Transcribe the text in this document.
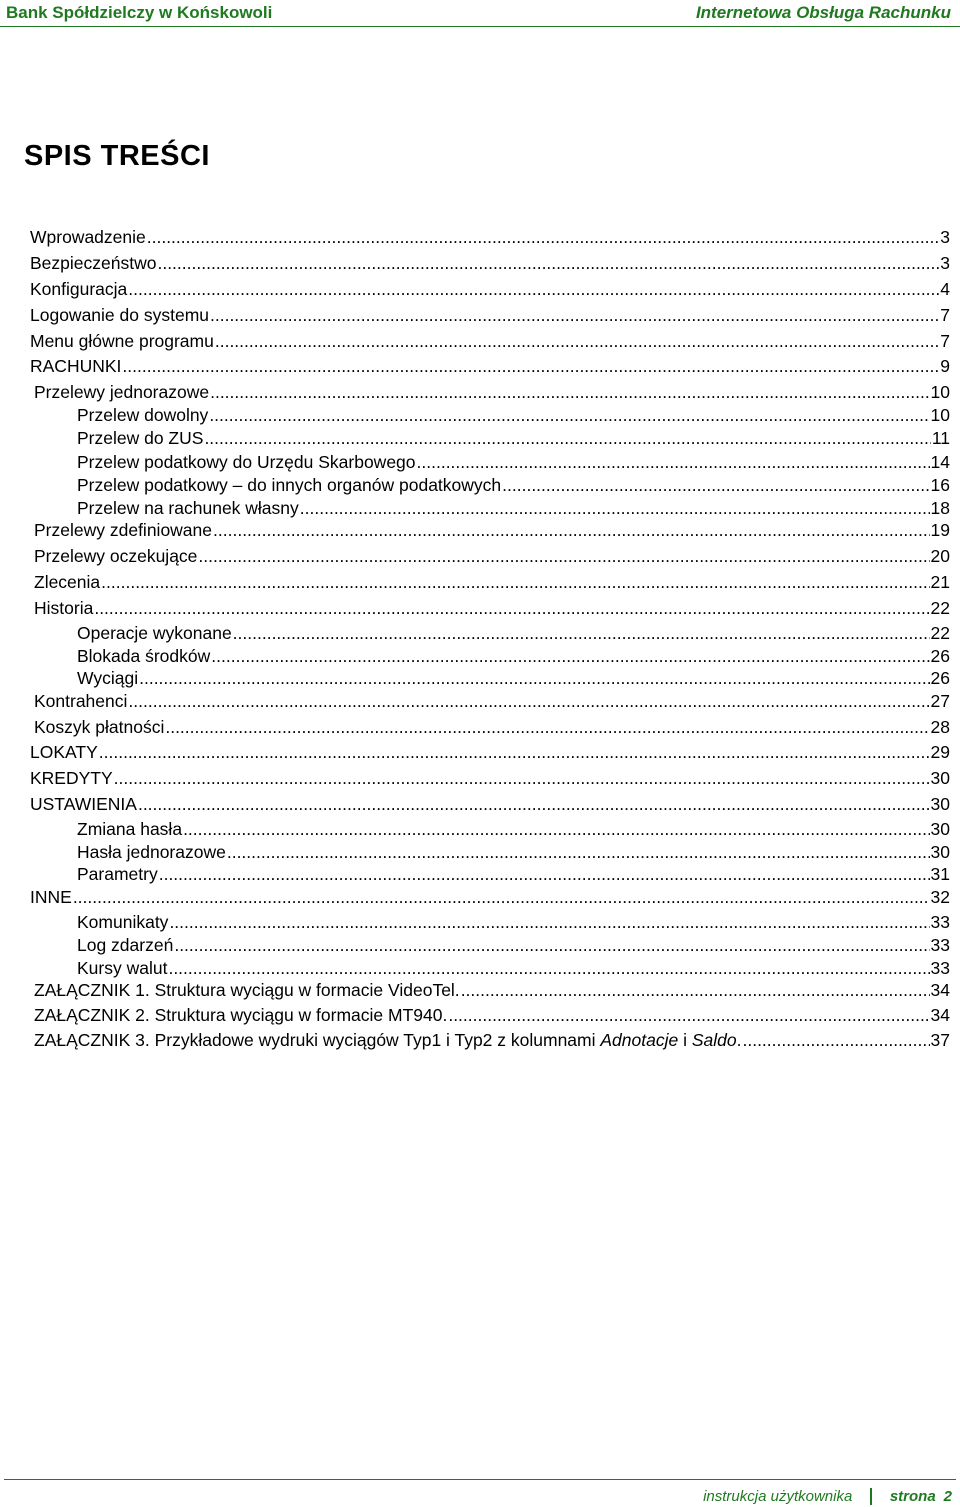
Bank Spółdzielczy w Końskowoli	Internetowa Obsługa Rachunku
SPIS TREŚCI
Wprowadzenie .....	3
Bezpieczeństwo .....	3
Konfiguracja .....	4
Logowanie do systemu .....	7
Menu główne programu .....	7
RACHUNKI .....	9
Przelewy jednorazowe .....	10
Przelew dowolny .....	10
Przelew do ZUS .....	11
Przelew podatkowy do Urzędu Skarbowego .....	14
Przelew podatkowy – do innych organów podatkowych .....	16
Przelew na rachunek własny .....	18
Przelewy zdefiniowane .....	19
Przelewy oczekujące .....	20
Zlecenia .....	21
Historia .....	22
Operacje wykonane .....	22
Blokada środków .....	26
Wyciągi .....	26
Kontrahenci .....	27
Koszyk płatności .....	28
LOKATY .....	29
KREDYTY .....	30
USTAWIENIA .....	30
Zmiana hasła .....	30
Hasła jednorazowe .....	30
Parametry .....	31
INNE .....	32
Komunikaty .....	33
Log zdarzeń .....	33
Kursy walut .....	33
ZAŁĄCZNIK 1. Struktura wyciągu w formacie VideoTel. .....	34
ZAŁĄCZNIK 2. Struktura wyciągu w formacie MT940. .....	34
ZAŁĄCZNIK 3. Przykładowe wydruki wyciągów Typ1 i Typ2 z kolumnami Adnotacje i Saldo. .....	37
instrukcja użytkownika	strona 2
